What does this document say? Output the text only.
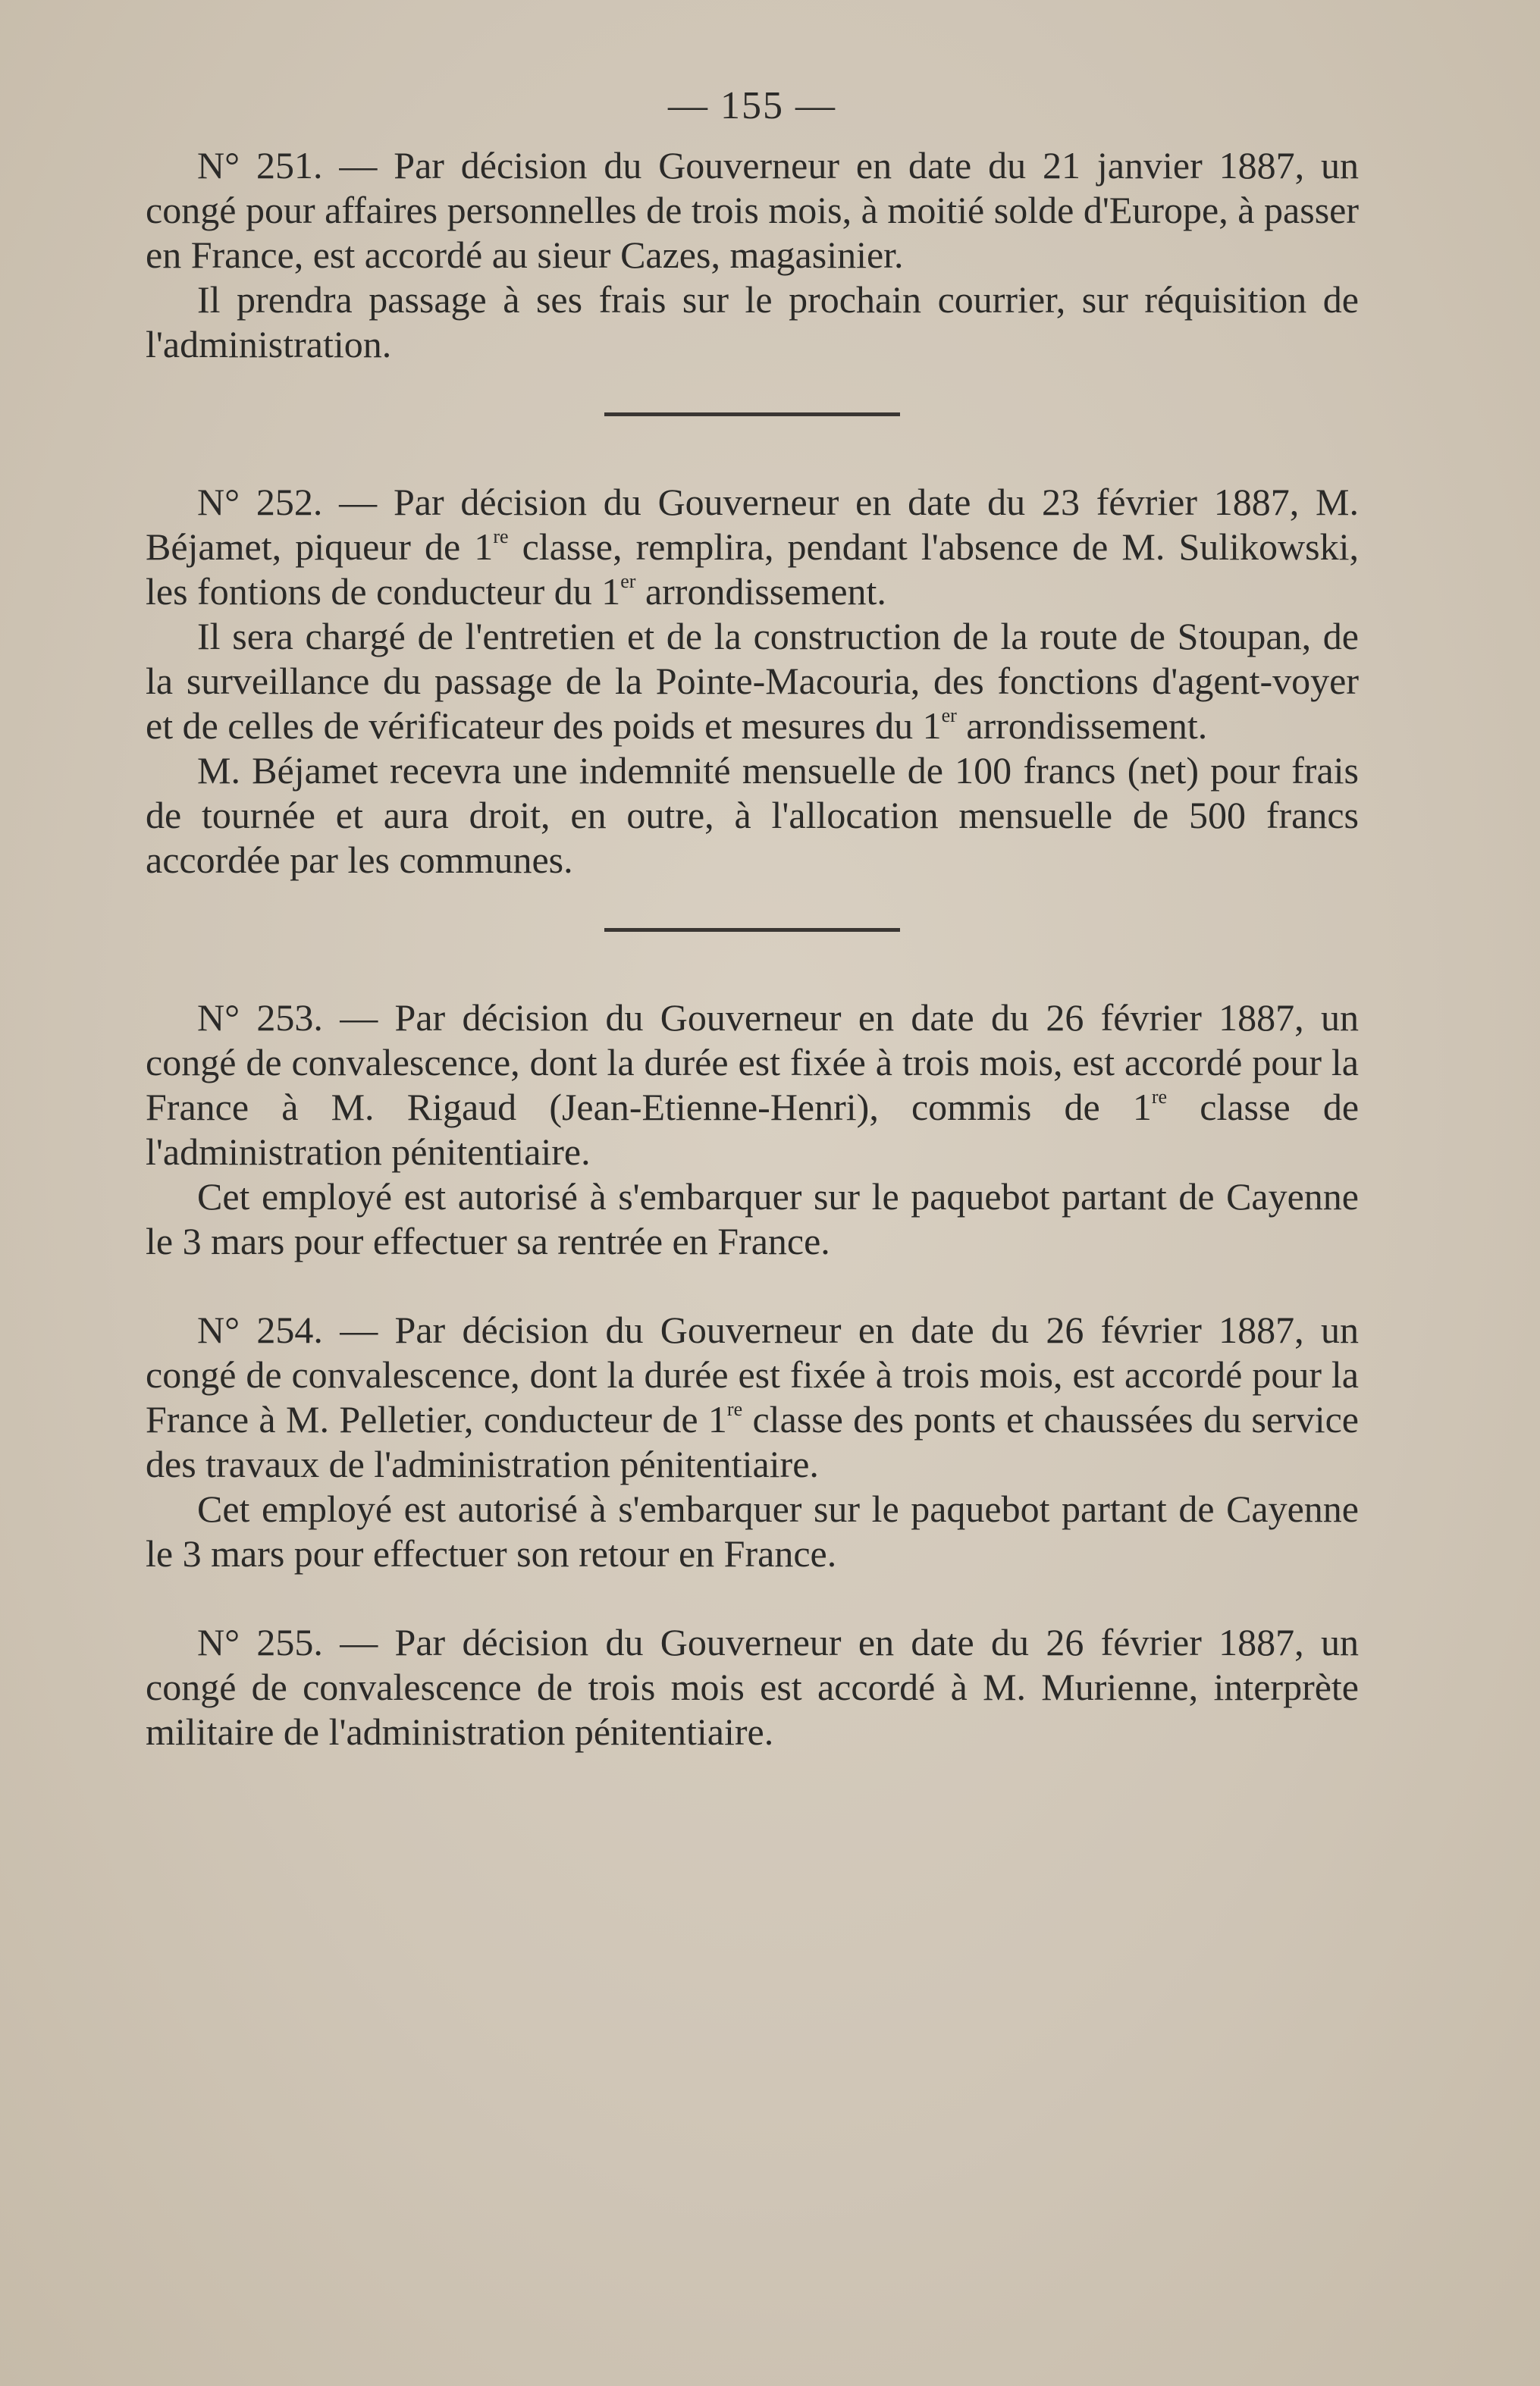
— 155 —

N° 251. — Par décision du Gouverneur en date du 21 janvier 1887, un congé pour affaires personnelles de trois mois, à moitié solde d'Europe, à passer en France, est accordé au sieur Cazes, magasinier.

Il prendra passage à ses frais sur le prochain courrier, sur réquisition de l'administration.

N° 252. — Par décision du Gouverneur en date du 23 février 1887, M. Béjamet, piqueur de 1re classe, remplira, pendant l'absence de M. Sulikowski, les fontions de conducteur du 1er arrondissement.

Il sera chargé de l'entretien et de la construction de la route de Stoupan, de la surveillance du passage de la Pointe-Macouria, des fonctions d'agent-voyer et de celles de vérificateur des poids et mesures du 1er arrondissement.

M. Béjamet recevra une indemnité mensuelle de 100 francs (net) pour frais de tournée et aura droit, en outre, à l'allocation mensuelle de 500 francs accordée par les communes.

N° 253. — Par décision du Gouverneur en date du 26 février 1887, un congé de convalescence, dont la durée est fixée à trois mois, est accordé pour la France à M. Rigaud (Jean-Etienne-Henri), commis de 1re classe de l'administration pénitentiaire.

Cet employé est autorisé à s'embarquer sur le paquebot partant de Cayenne le 3 mars pour effectuer sa rentrée en France.

N° 254. — Par décision du Gouverneur en date du 26 février 1887, un congé de convalescence, dont la durée est fixée à trois mois, est accordé pour la France à M. Pelletier, conducteur de 1re classe des ponts et chaussées du service des travaux de l'administration pénitentiaire.

Cet employé est autorisé à s'embarquer sur le paquebot partant de Cayenne le 3 mars pour effectuer son retour en France.

N° 255. — Par décision du Gouverneur en date du 26 février 1887, un congé de convalescence de trois mois est accordé à M. Murienne, interprète militaire de l'administration pénitentiaire.
